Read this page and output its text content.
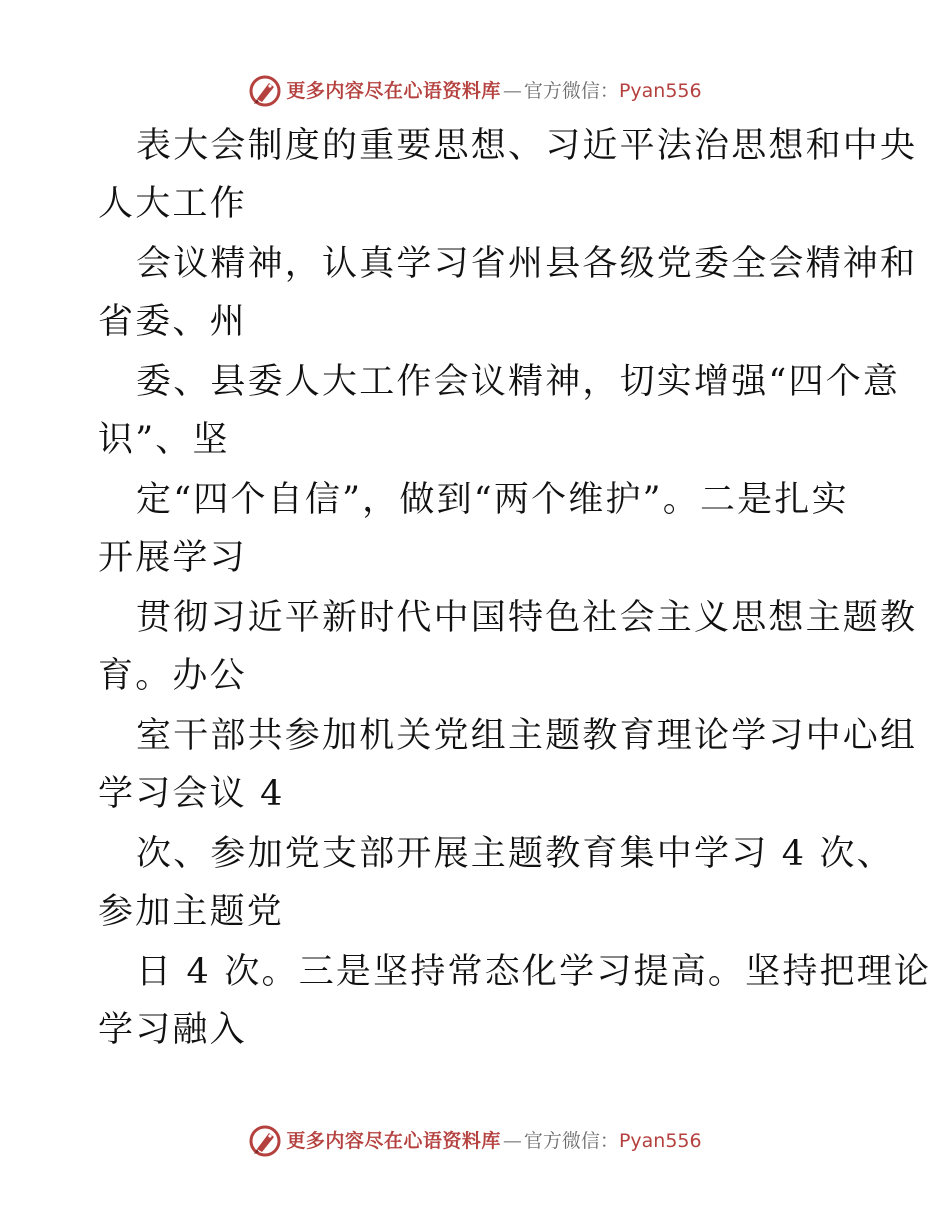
更多内容尽在心语资料库 — 官方微信： Pyan556
表大会制度的重要思想、习近平法治思想和中央
人大工作
会议精神，认真学习省州县各级党委全会精神和
省委、州
委、县委人大工作会议精神，切实增强“四个意
识”、坚
定“四个自信”，做到“两个维护”。二是扎实
开展学习
贯彻习近平新时代中国特色社会主义思想主题教
育。办公
室干部共参加机关党组主题教育理论学习中心组
学习会议 4
次、参加党支部开展主题教育集中学习 4 次、
参加主题党
日 4 次。三是坚持常态化学习提高。坚持把理论
学习融入
更多内容尽在心语资料库 — 官方微信： Pyan556
